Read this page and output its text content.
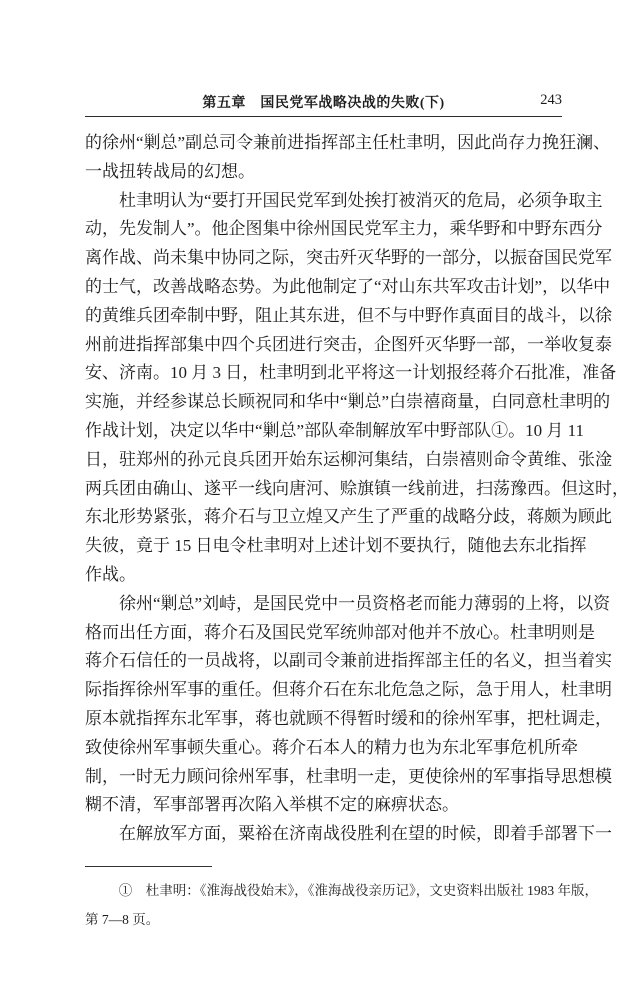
第五章　国民党军战略决战的失败(下)	243
的徐州“剿总”副总司令兼前进指挥部主任杜聿明，因此尚存力挽狂澜、
一战扭转战局的幻想。
　　杜聿明认为“要打开国民党军到处挨打被消灭的危局，必须争取主
动，先发制人”。他企图集中徐州国民党军主力，乘华野和中野东西分
离作战、尚未集中协同之际，突击歼灭华野的一部分，以振奋国民党军
的士气，改善战略态势。为此他制定了“对山东共军攻击计划”，以华中
的黄维兵团牵制中野，阻止其东进，但不与中野作真面目的战斗，以徐
州前进指挥部集中四个兵团进行突击，企图歼灭华野一部，一举收复泰
安、济南。10 月 3 日，杜聿明到北平将这一计划报经蒋介石批准，准备
实施，并经参谋总长顾祝同和华中“剿总”白崇禧商量，白同意杜聿明的
作战计划，决定以华中“剿总”部队牵制解放军中野部队①。10 月 11
日，驻郑州的孙元良兵团开始东运柳河集结，白崇禧则命令黄维、张淦
两兵团由确山、遂平一线向唐河、赊旗镇一线前进，扫荡豫西。但这时，
东北形势紧张，蒋介石与卫立煌又产生了严重的战略分歧，蒋颇为顾此
失彼，竟于 15 日电令杜聿明对上述计划不要执行，随他去东北指挥
作战。
　　徐州“剿总”刘峙，是国民党中一员资格老而能力薄弱的上将，以资
格而出任方面，蒋介石及国民党军统帅部对他并不放心。杜聿明则是
蒋介石信任的一员战将，以副司令兼前进指挥部主任的名义，担当着实
际指挥徐州军事的重任。但蒋介石在东北危急之际，急于用人，杜聿明
原本就指挥东北军事，蒋也就顾不得暂时缓和的徐州军事，把杜调走，
致使徐州军事顿失重心。蒋介石本人的精力也为东北军事危机所牵
制，一时无力顾问徐州军事，杜聿明一走，更使徐州的军事指导思想模
糊不清，军事部署再次陷入举棋不定的麻痹状态。
　　在解放军方面，粟裕在济南战役胜利在望的时候，即着手部署下一
①　杜聿明：《淮海战役始末》，《淮海战役亲历记》，文史资料出版社 1983 年版，
第 7—8 页。
